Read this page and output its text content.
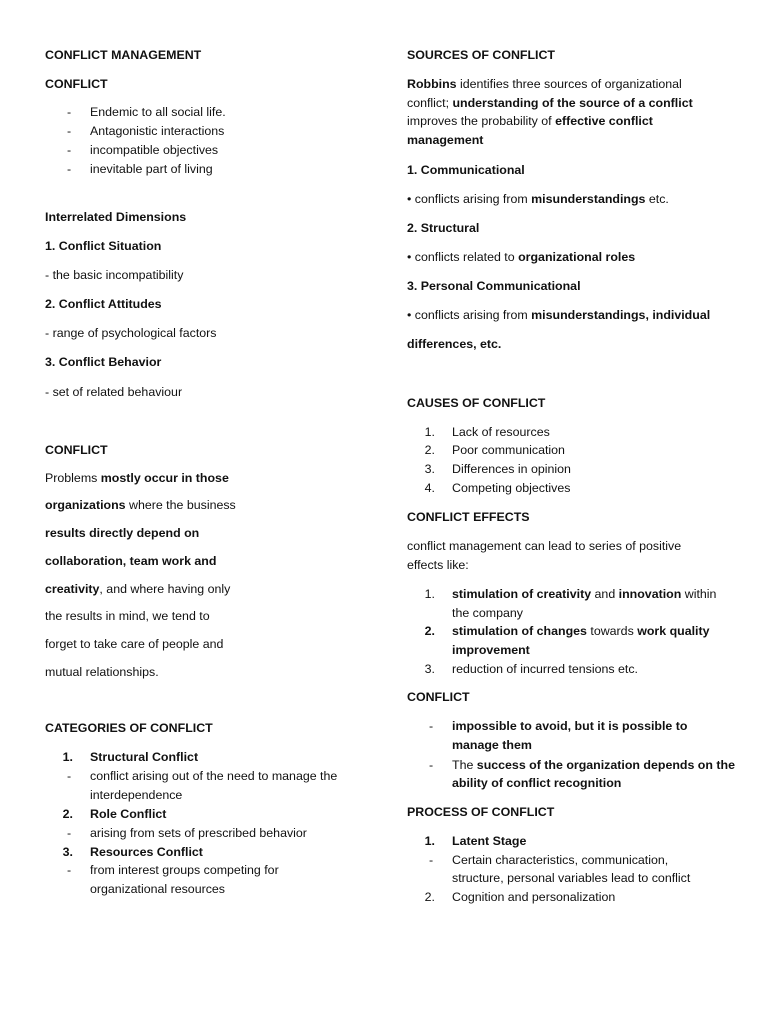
CONFLICT MANAGEMENT
CONFLICT
- Endemic to all social life.
- Antagonistic interactions
- incompatible objectives
- inevitable part of living
Interrelated Dimensions
1. Conflict Situation
- the basic incompatibility
2. Conflict Attitudes
- range of psychological factors
3. Conflict Behavior
- set of related behaviour
CONFLICT
Problems mostly occur in those
organizations where the business
results directly depend on
collaboration, team work and
creativity, and where having only
the results in mind, we tend to
forget to take care of people and
mutual relationships.
CATEGORIES OF CONFLICT
1. Structural Conflict
- conflict arising out of the need to manage the
interdependence
2. Role Conflict
- arising from sets of prescribed behavior
3. Resources Conflict
- from interest groups competing for
organizational resources
SOURCES OF CONFLICT
Robbins identifies three sources of organizational
conflict; understanding of the source of a conflict
improves the probability of effective conflict
management
1. Communicational
• conflicts arising from misunderstandings etc.
2. Structural
• conflicts related to organizational roles
3. Personal Communicational
• conflicts arising from misunderstandings, individual
differences, etc.
CAUSES OF CONFLICT
1. Lack of resources
2. Poor communication
3. Differences in opinion
4. Competing objectives
CONFLICT EFFECTS
conflict management can lead to series of positive
effects like:
1. stimulation of creativity and innovation within
the company
2. stimulation of changes towards work quality
improvement
3. reduction of incurred tensions etc.
CONFLICT
- impossible to avoid, but it is possible to
manage them
- The success of the organization depends on the
ability of conflict recognition
PROCESS OF CONFLICT
1. Latent Stage
- Certain characteristics, communication,
structure, personal variables lead to conflict
2. Cognition and personalization
